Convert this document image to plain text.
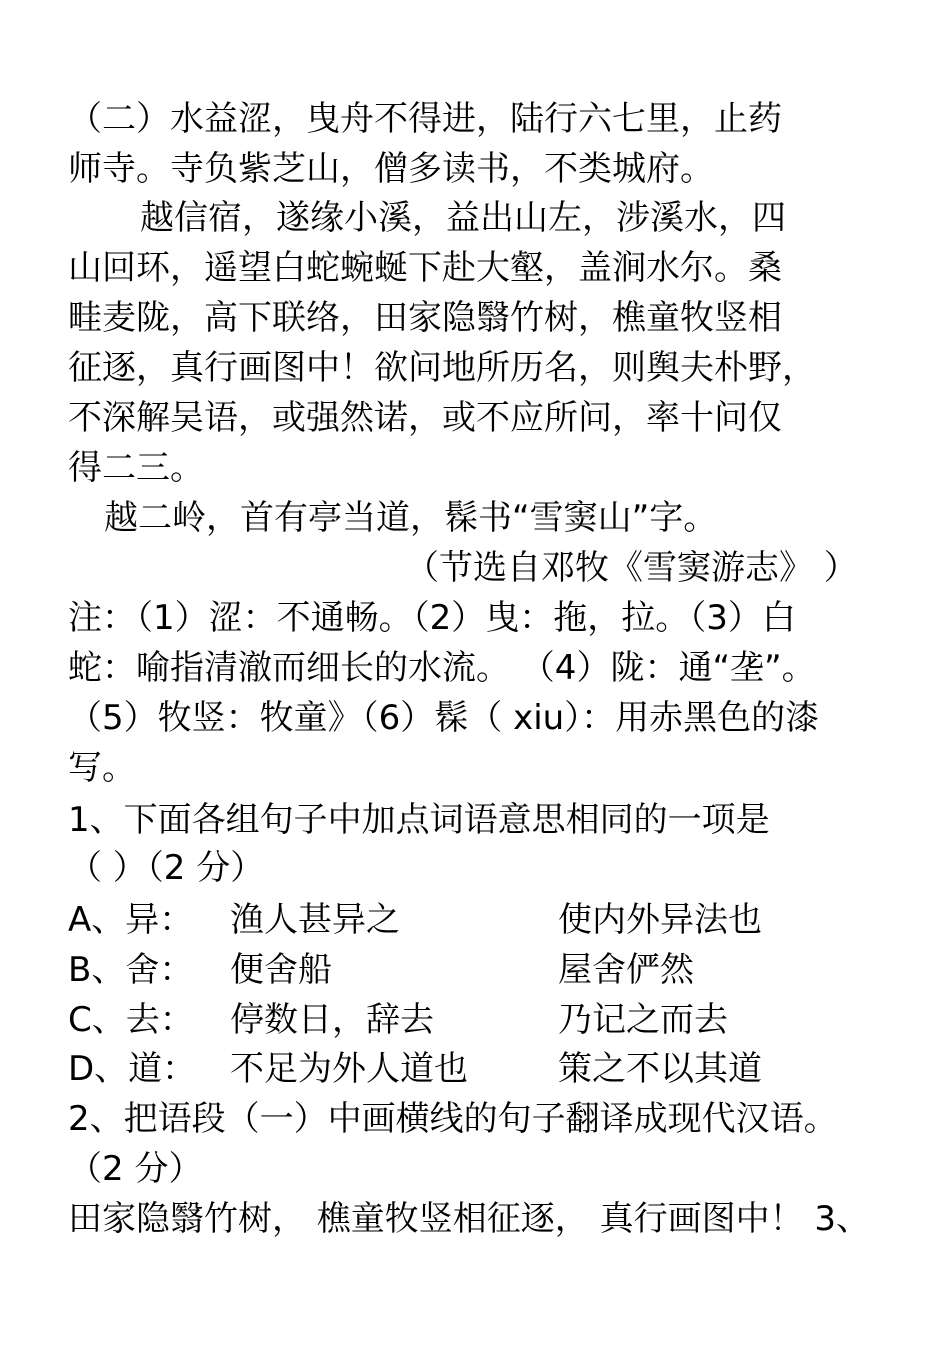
（二）水益涩，曳舟不得进，陆行六七里，止药
师寺。寺负紫芝山，僧多读书，不类城府。
越信宿，遂缘小溪，益出山左，涉溪水，四
山回环，遥望白蛇蜿蜒下赴大壑，盖涧水尔。桑
畦麦陇，高下联络，田家隐翳竹树，樵童牧竖相
征逐，真行画图中！欲问地所历名，则舆夫朴野，
不深解吴语，或强然诺，或不应所问，率十问仅
得二三。
越二岭，首有亭当道，髹书“雪窦山”字。
（节选自邓牧《雪窦游志》 ）
注：（1）涩：不通畅。（2）曳：拖，拉。（3）白
蛇：喻指清澈而细长的水流。 （4）陇：通“垄”。
（5）牧竖：牧童》（6）髹（ xiu）：用赤黑色的漆
写。
1、下面各组句子中加点词语意思相同的一项是
（ ）（2 分）
A、异： 渔人甚异之	使内外异法也
B、舍： 便舍船	屋舍俨然
C、去： 停数日，辞去	乃记之而去
D、道： 不足为外人道也	策之不以其道
2、把语段（一）中画横线的句子翻译成现代汉语。
（2 分）
田家隐翳竹树， 樵童牧竖相征逐， 真行画图中！ 3、
